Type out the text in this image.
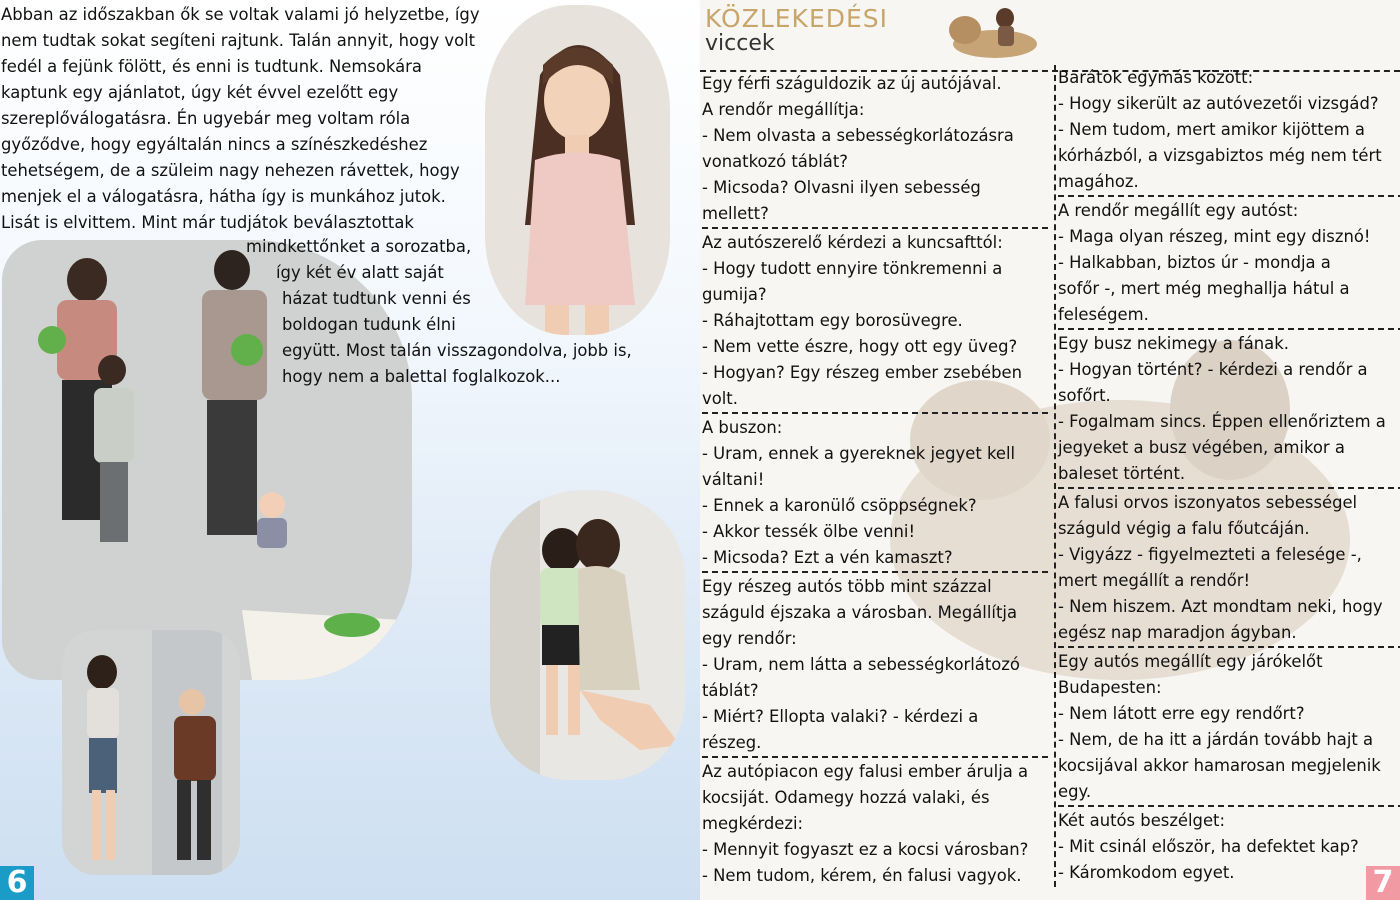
Abban az időszakban ők se voltak valami jó helyzetbe, így
nem tudtak sokat segíteni rajtunk. Talán annyit, hogy volt
fedél a fejünk fölött, és enni is tudtunk. Nemsokára
kaptunk egy ajánlatot, úgy két évvel ezelőtt egy
szereplőválogatásra. Én ugyebár meg voltam róla
győződve, hogy egyáltalán nincs a színészkedéshez
tehetségem, de a szüleim nagy nehezen rávettek, hogy
menjek el a válogatásra, hátha így is munkához jutok.
Lisát is elvittem. Mint már tudjátok beválasztottak

mindkettőnket a sorozatba,
így két év alatt saját
házat tudtunk venni és
boldogan tudunk élni
együtt. Most talán visszagondolva, jobb is,
hogy nem a balettal foglalkozok...

6
KÖZLEKEDÉSI
viccek
Egy férfi száguldozik az új autójával.
A rendőr megállítja:
- Nem olvasta a sebességkorlátozásra
vonatkozó táblát?
- Micsoda? Olvasni ilyen sebesség
mellett?
Az autószerelő kérdezi a kuncsafttól:
- Hogy tudott ennyire tönkremenni a
gumija?
- Ráhajtottam egy borosüvegre.
- Nem vette észre, hogy ott egy üveg?
- Hogyan? Egy részeg ember zsebében
volt.
A buszon:
- Uram, ennek a gyereknek jegyet kell
váltani!
- Ennek a karonülő csöppségnek?
- Akkor tessék ölbe venni!
- Micsoda? Ezt a vén kamaszt?
Egy részeg autós több mint százzal
száguld éjszaka a városban. Megállítja
egy rendőr:
- Uram, nem látta a sebességkorlátozó
táblát?
- Miért? Ellopta valaki? - kérdezi a
részeg.
Az autópiacon egy falusi ember árulja a
kocsiját. Odamegy hozzá valaki, és
megkérdezi:
- Mennyit fogyaszt ez a kocsi városban?
- Nem tudom, kérem, én falusi vagyok.
Barátok egymás között:
- Hogy sikerült az autóvezetői vizsgád?
- Nem tudom, mert amikor kijöttem a
kórházból, a vizsgabiztos még nem tért
magához.
A rendőr megállít egy autóst:
- Maga olyan részeg, mint egy disznó!
- Halkabban, biztos úr - mondja a
sofőr -, mert még meghallja hátul a
feleségem.
Egy busz nekimegy a fának.
- Hogyan történt? - kérdezi a rendőr a
sofőrt.
- Fogalmam sincs. Éppen ellenőriztem a
jegyeket a busz végében, amikor a
baleset történt.
A falusi orvos iszonyatos sebességel
száguld végig a falu főutcáján.
- Vigyázz - figyelmezteti a felesége -,
mert megállít a rendőr!
- Nem hiszem. Azt mondtam neki, hogy
egész nap maradjon ágyban.
Egy autós megállít egy járókelőt
Budapesten:
- Nem látott erre egy rendőrt?
- Nem, de ha itt a járdán tovább hajt a
kocsijával akkor hamarosan megjelenik
egy.
Két autós beszélget:
- Mit csinál először, ha defektet kap?
- Káromkodom egyet.	7
